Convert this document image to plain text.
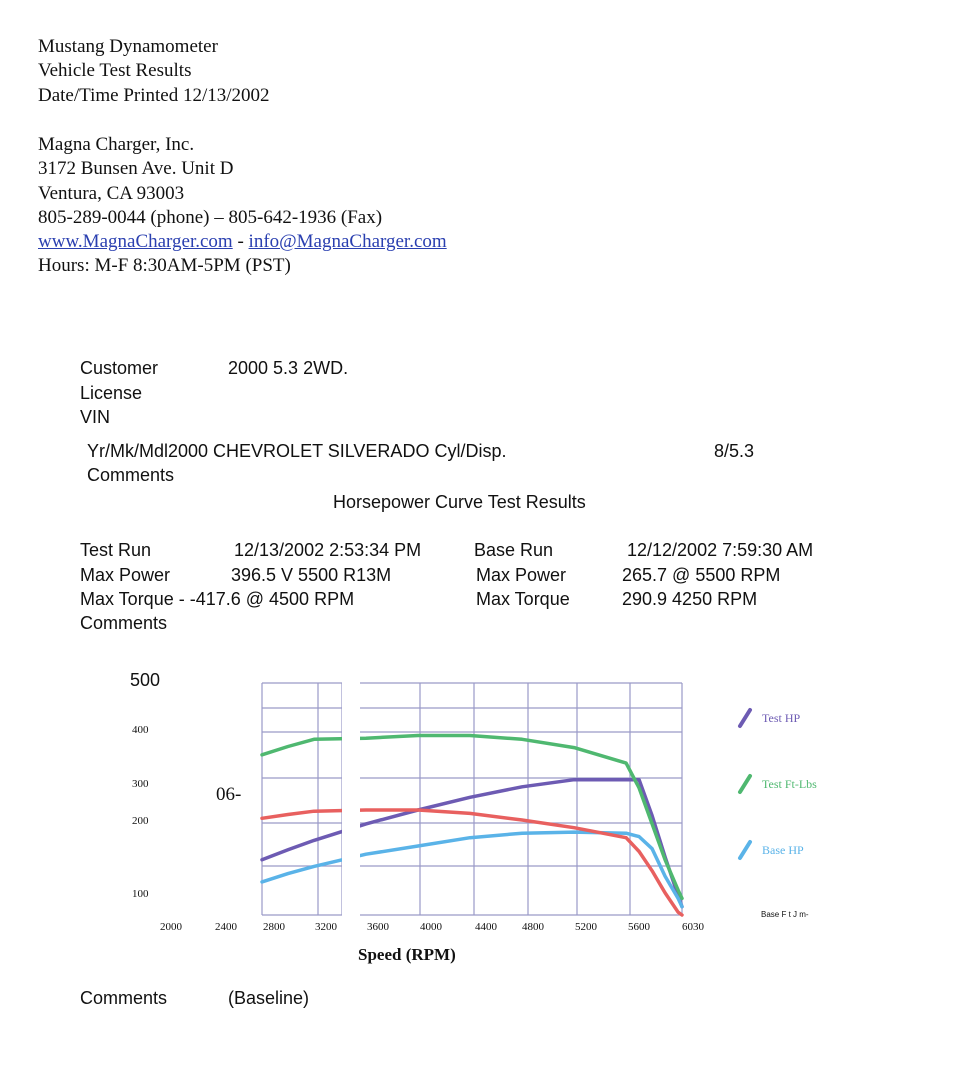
Mustang Dynamometer
Vehicle Test Results
Date/Time Printed 12/13/2002
Magna Charger, Inc.
3172 Bunsen Ave. Unit D
Ventura, CA 93003
805-289-0044 (phone) – 805-642-1936 (Fax)
www.MagnaCharger.com - info@MagnaCharger.com
Hours: M-F 8:30AM-5PM (PST)
Customer	2000 5.3 2WD.
License
VIN
Yr/Mk/Mdl2000 CHEVROLET SILVERADO Cyl/Disp.	8/5.3
Comments
Horsepower Curve Test Results
Test Run	12/13/2002 2:53:34 PM	Base Run	12/12/2002 7:59:30 AM
Max Power	396.5 V 5500 R13M	Max Power	265.7 @ 5500 RPM
Max Torque - -417.6 @ 4500 RPM	Max Torque	290.9 4250 RPM
Comments
2000	2400 2800	3200	3600	4000	4400 4800	5200	5600	6030
Test HP
Test Ft-Lbs
Base HP
500
400
300
200
100
06-
Speed (RPM)
Base F t J m-
Comments	(Baseline)
